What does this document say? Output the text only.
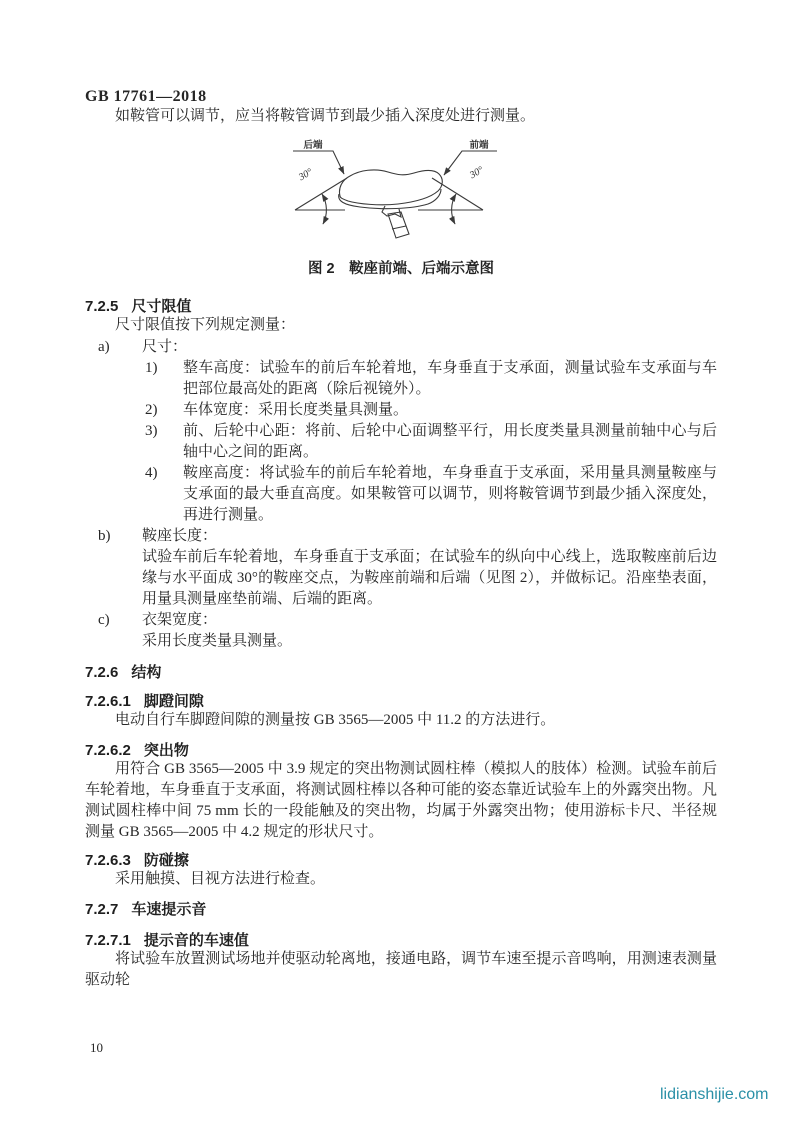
GB 17761—2018

如鞍管可以调节，应当将鞍管调节到最少插入深度处进行测量。

后端	前端
30°	30°
图 2　鞍座前端、后端示意图
7.2.5 尺寸限值

尺寸限值按下列规定测量：

a) 尺寸：
1) 整车高度：试验车的前后车轮着地，车身垂直于支承面，测量试验车支承面与车把部位最高处的距离（除后视镜外）。
2) 车体宽度：采用长度类量具测量。
3) 前、后轮中心距：将前、后轮中心面调整平行，用长度类量具测量前轴中心与后轴中心之间的距离。
4) 鞍座高度：将试验车的前后车轮着地，车身垂直于支承面，采用量具测量鞍座与支承面的最大垂直高度。如果鞍管可以调节，则将鞍管调节到最少插入深度处，再进行测量。
b) 鞍座长度：
试验车前后车轮着地，车身垂直于支承面；在试验车的纵向中心线上，选取鞍座前后边缘与水平面成 30°的鞍座交点，为鞍座前端和后端（见图 2），并做标记。沿座垫表面，用量具测量座垫前端、后端的距离。
c) 衣架宽度：
采用长度类量具测量。
7.2.6 结构
7.2.6.1 脚蹬间隙

电动自行车脚蹬间隙的测量按 GB 3565—2005 中 11.2 的方法进行。

7.2.6.2 突出物

用符合 GB 3565—2005 中 3.9 规定的突出物测试圆柱棒（模拟人的肢体）检测。试验车前后车轮着地，车身垂直于支承面，将测试圆柱棒以各种可能的姿态靠近试验车上的外露突出物。凡测试圆柱棒中间 75 mm 长的一段能触及的突出物，均属于外露突出物；使用游标卡尺、半径规测量 GB 3565—2005 中 4.2 规定的形状尺寸。

7.2.6.3 防碰擦

采用触摸、目视方法进行检查。

7.2.7 车速提示音
7.2.7.1 提示音的车速值

将试验车放置测试场地并使驱动轮离地，接通电路，调节车速至提示音鸣响，用测速表测量驱动轮

10
lidianshijie.com
